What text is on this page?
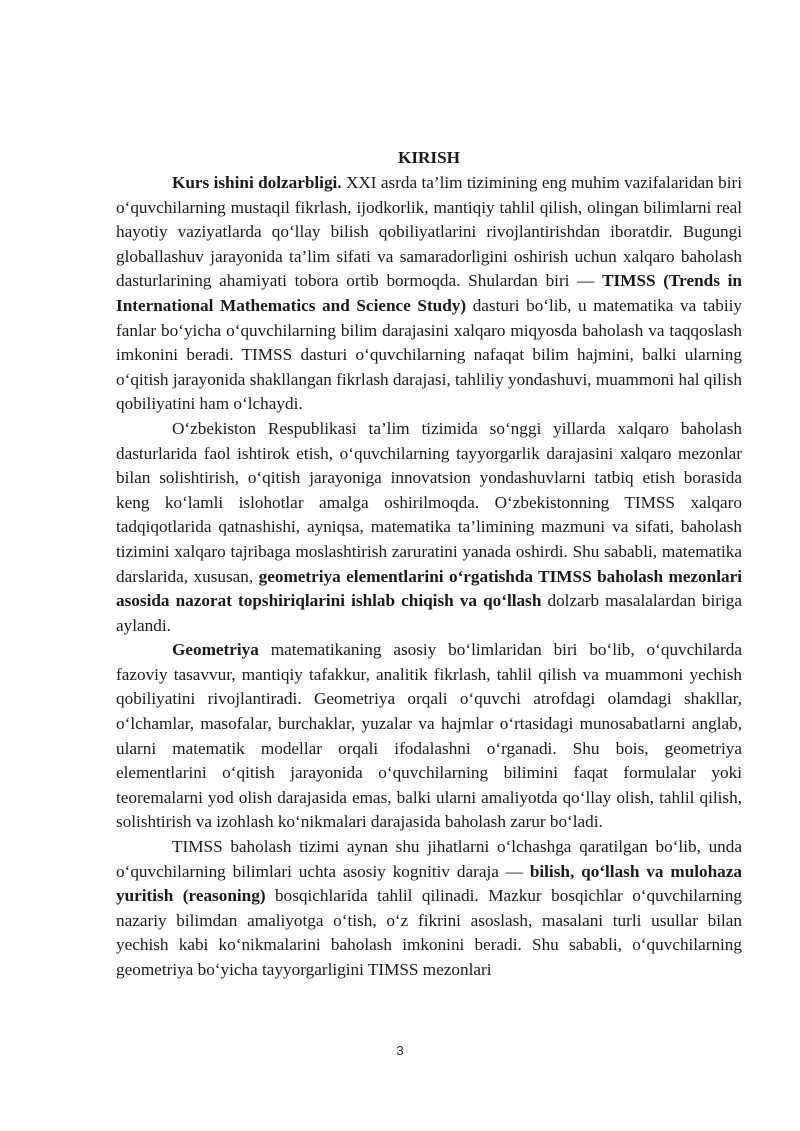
KIRISH

Kurs ishini dolzarbligi. XXI asrda ta’lim tizimining eng muhim vazifalaridan biri o‘quvchilarning mustaqil fikrlash, ijodkorlik, mantiqiy tahlil qilish, olingan bilimlarni real hayotiy vaziyatlarda qo‘llay bilish qobiliyatlarini rivojlantirishdan iboratdir. Bugungi globallashuv jarayonida ta’lim sifati va samaradorligini oshirish uchun xalqaro baholash dasturlarining ahamiyati tobora ortib bormoqda. Shulardan biri — TIMSS (Trends in International Mathematics and Science Study) dasturi bo‘lib, u matematika va tabiiy fanlar bo‘yicha o‘quvchilarning bilim darajasini xalqaro miqyosda baholash va taqqoslash imkonini beradi. TIMSS dasturi o‘quvchilarning nafaqat bilim hajmini, balki ularning o‘qitish jarayonida shakllangan fikrlash darajasi, tahliliy yondashuvi, muammoni hal qilish qobiliyatini ham o‘lchaydi.

O‘zbekiston Respublikasi ta’lim tizimida so‘nggi yillarda xalqaro baholash dasturlarida faol ishtirok etish, o‘quvchilarning tayyorgarlik darajasini xalqaro mezonlar bilan solishtirish, o‘qitish jarayoniga innovatsion yondashuvlarni tatbiq etish borasida keng ko‘lamli islohotlar amalga oshirilmoqda. O‘zbekistonning TIMSS xalqaro tadqiqotlarida qatnashishi, ayniqsa, matematika ta’limining mazmuni va sifati, baholash tizimini xalqaro tajribaga moslashtirish zaruratini yanada oshirdi. Shu sababli, matematika darslarida, xususan, geometriya elementlarini o‘rgatishda TIMSS baholash mezonlari asosida nazorat topshiriqlarini ishlab chiqish va qo‘llash dolzarb masalalardan biriga aylandi.

Geometriya matematikaning asosiy bo‘limlaridan biri bo‘lib, o‘quvchilarda fazoviy tasavvur, mantiqiy tafakkur, analitik fikrlash, tahlil qilish va muammoni yechish qobiliyatini rivojlantiradi. Geometriya orqali o‘quvchi atrofdagi olamdagi shakllar, o‘lchamlar, masofalar, burchaklar, yuzalar va hajmlar o‘rtasidagi munosabatlarni anglab, ularni matematik modellar orqali ifodalashni o‘rganadi. Shu bois, geometriya elementlarini o‘qitish jarayonida o‘quvchilarning bilimini faqat formulalar yoki teoremalarni yod olish darajasida emas, balki ularni amaliyotda qo‘llay olish, tahlil qilish, solishtirish va izohlash ko‘nikmalari darajasida baholash zarur bo‘ladi.

TIMSS baholash tizimi aynan shu jihatlarni o‘lchashga qaratilgan bo‘lib, unda o‘quvchilarning bilimlari uchta asosiy kognitiv daraja — bilish, qo‘llash va mulohaza yuritish (reasoning) bosqichlarida tahlil qilinadi. Mazkur bosqichlar o‘quvchilarning nazariy bilimdan amaliyotga o‘tish, o‘z fikrini asoslash, masalani turli usullar bilan yechish kabi ko‘nikmalarini baholash imkonini beradi. Shu sababli, o‘quvchilarning geometriya bo‘yicha tayyorgarligini TIMSS mezonlari

3
